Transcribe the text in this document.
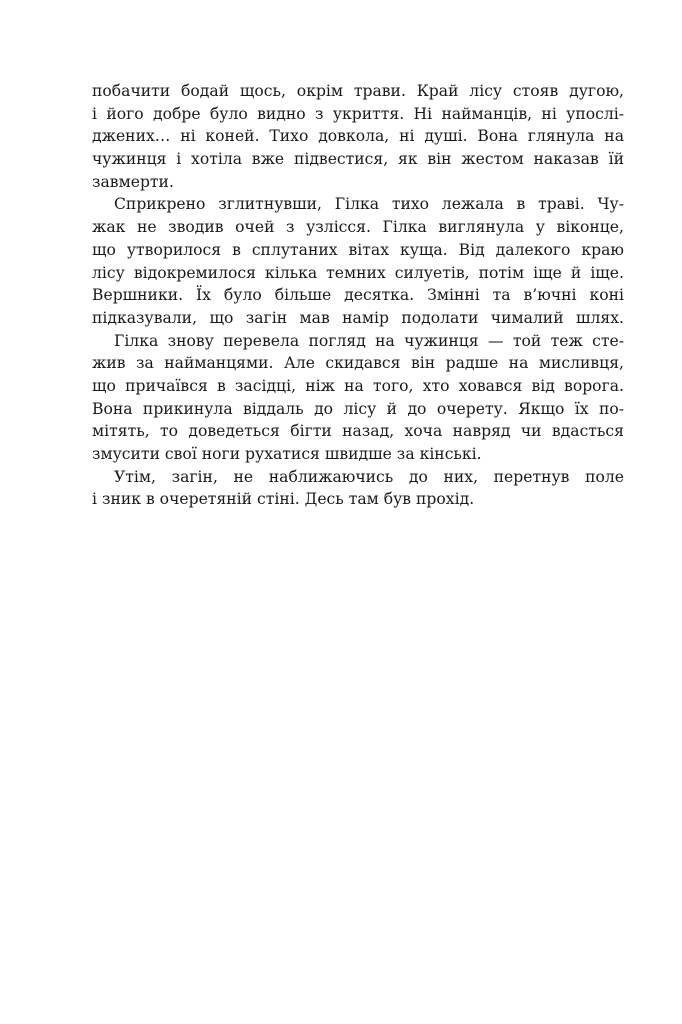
побачити бодай щось, окрім трави. Край лісу стояв дугою,
і його добре було видно з укриття. Ні найманців, ні упослі-
джених… ні коней. Тихо довкола, ні душі. Вона глянула на
чужинця і хотіла вже підвестися, як він жестом наказав їй
завмерти.
Сприкрено зглитнувши, Гілка тихо лежала в траві. Чу-
жак не зводив очей з узлісся. Гілка виглянула у віконце,
що утворилося в сплутаних вітах куща. Від далекого краю
лісу відокремилося кілька темних силуетів, потім іще й іще.
Вершники. Їх було більше десятка. Змінні та в’ючні коні
підказували, що загін мав намір подолати чималий шлях.
Гілка знову перевела погляд на чужинця — той теж сте-
жив за найманцями. Але скидався він радше на мисливця,
що причаївся в засідці, ніж на того, хто ховався від ворога.
Вона прикинула віддаль до лісу й до очерету. Якщо їх по-
мітять, то доведеться бігти назад, хоча навряд чи вдасться
змусити свої ноги рухатися швидше за кінські.
Утім, загін, не наближаючись до них, перетнув поле
і зник в очеретяній стіні. Десь там був прохід.
